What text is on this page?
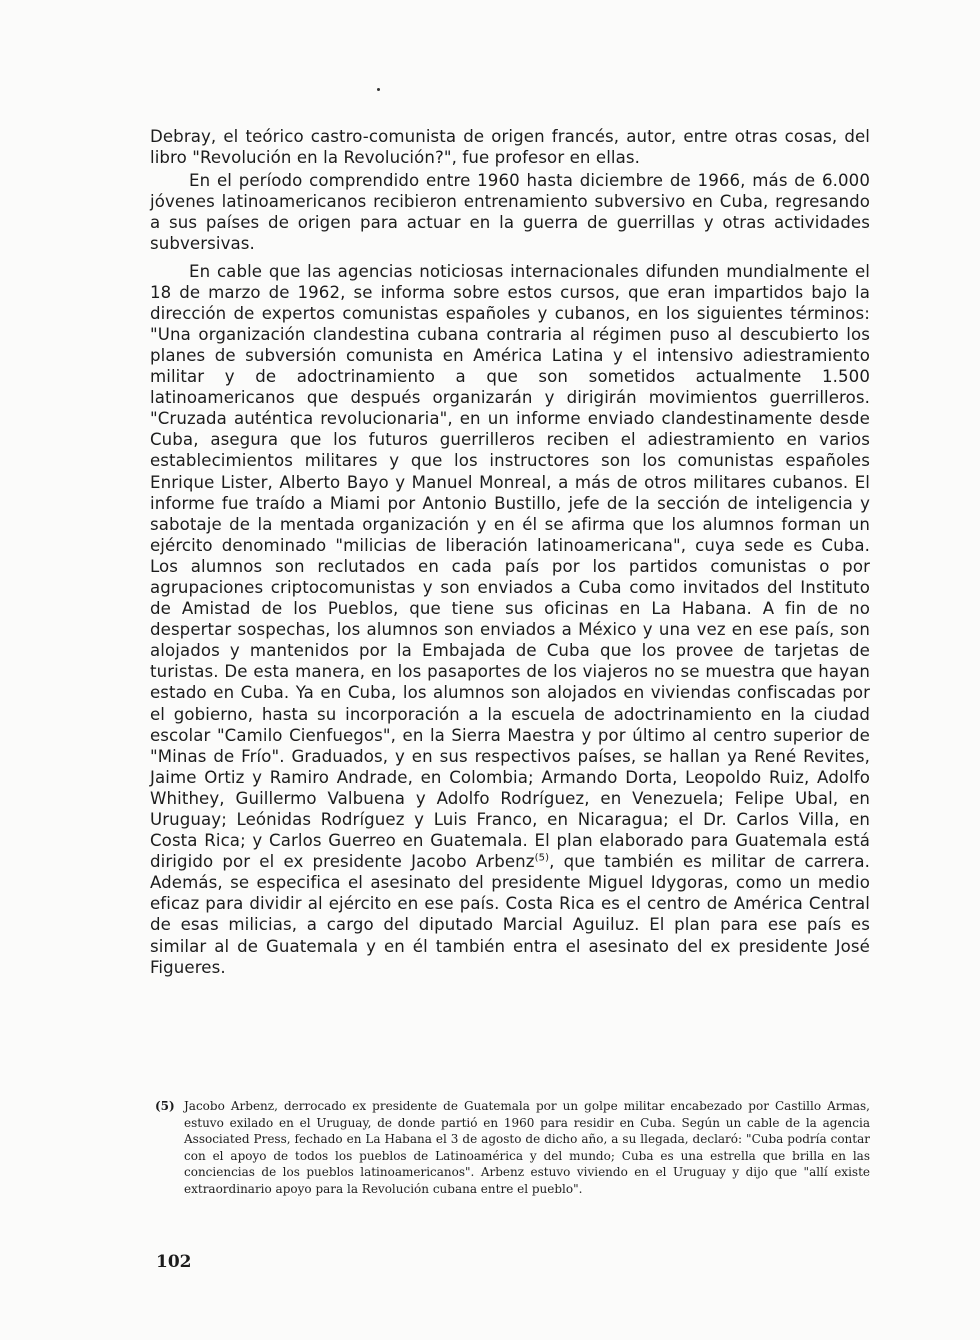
Debray, el teórico castro-comunista de origen francés, autor, entre otras cosas, del libro "Revolución en la Revolución?", fue profesor en ellas.

En el período comprendido entre 1960 hasta diciembre de 1966, más de 6.000 jóvenes latinoamericanos recibieron entrenamiento subversivo en Cuba, regresando a sus países de origen para actuar en la guerra de guerrillas y otras actividades subversivas.

En cable que las agencias noticiosas internacionales difunden mundialmente el 18 de marzo de 1962, se informa sobre estos cursos, que eran impartidos bajo la dirección de expertos comunistas españoles y cubanos, en los siguientes términos: "Una organización clandestina cubana contraria al régimen puso al descubierto los planes de subversión comunista en América Latina y el intensivo adiestramiento militar y de adoctrinamiento a que son sometidos actualmente 1.500 latinoamericanos que después organizarán y dirigirán movimientos guerrilleros. "Cruzada auténtica revolucionaria", en un informe enviado clandestinamente desde Cuba, asegura que los futuros guerrilleros reciben el adiestramiento en varios establecimientos militares y que los instructores son los comunistas españoles Enrique Lister, Alberto Bayo y Manuel Monreal, a más de otros militares cubanos. El informe fue traído a Miami por Antonio Bustillo, jefe de la sección de inteligencia y sabotaje de la mentada organización y en él se afirma que los alumnos forman un ejército denominado "milicias de liberación latinoamericana", cuya sede es Cuba. Los alumnos son reclutados en cada país por los partidos comunistas o por agrupaciones criptocomunistas y son enviados a Cuba como invitados del Instituto de Amistad de los Pueblos, que tiene sus oficinas en La Habana. A fin de no despertar sospechas, los alumnos son enviados a México y una vez en ese país, son alojados y mantenidos por la Embajada de Cuba que los provee de tarjetas de turistas. De esta manera, en los pasaportes de los viajeros no se muestra que hayan estado en Cuba. Ya en Cuba, los alumnos son alojados en viviendas confiscadas por el gobierno, hasta su incorporación a la escuela de adoctrinamiento en la ciudad escolar "Camilo Cienfuegos", en la Sierra Maestra y por último al centro superior de "Minas de Frío". Graduados, y en sus respectivos países, se hallan ya René Revites, Jaime Ortiz y Ramiro Andrade, en Colombia; Armando Dorta, Leopoldo Ruiz, Adolfo Whithey, Guillermo Valbuena y Adolfo Rodríguez, en Venezuela; Felipe Ubal, en Uruguay; Leónidas Rodríguez y Luis Franco, en Nicaragua; el Dr. Carlos Villa, en Costa Rica; y Carlos Guerreo en Guatemala. El plan elaborado para Guatemala está dirigido por el ex presidente Jacobo Arbenz$^{(5)}$, que también es militar de carrera. Además, se especifica el asesinato del presidente Miguel Idygoras, como un medio eficaz para dividir al ejército en ese país. Costa Rica es el centro de América Central de esas milicias, a cargo del diputado Marcial Aguiluz. El plan para ese país es similar al de Guatemala y en él también entra el asesinato del ex presidente José Figueres.

(5) Jacobo Arbenz, derrocado ex presidente de Guatemala por un golpe militar encabezado por Castillo Armas, estuvo exilado en el Uruguay, de donde partió en 1960 para residir en Cuba. Según un cable de la agencia Associated Press, fechado en La Habana el 3 de agosto de dicho año, a su llegada, declaró: "Cuba podría contar con el apoyo de todos los pueblos de Latinoamérica y del mundo; Cuba es una estrella que brilla en las conciencias de los pueblos latinoamericanos". Arbenz estuvo viviendo en el Uruguay y dijo que "allí existe extraordinario apoyo para la Revolución cubana entre el pueblo".

102
